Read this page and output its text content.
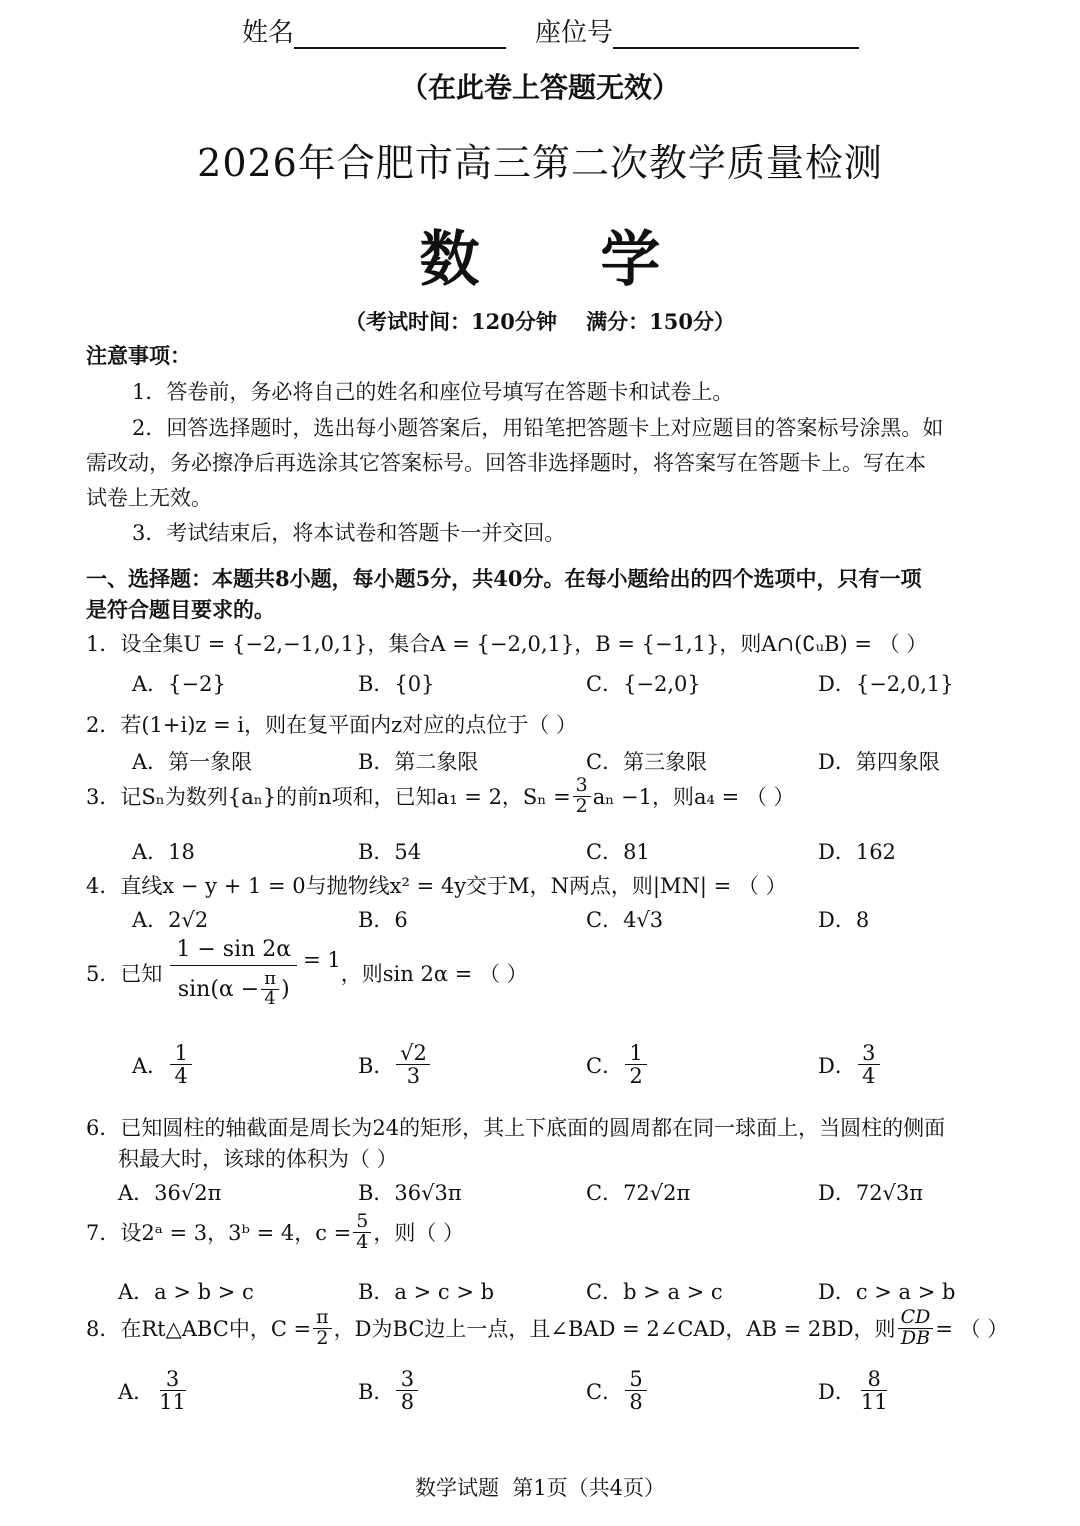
姓名	座位号
（在此卷上答题无效）
2026年合肥市高三第二次教学质量检测
数 学
（考试时间：120分钟    满分：150分）
注意事项：
1．答卷前，务必将自己的姓名和座位号填写在答题卡和试卷上。
2．回答选择题时，选出每小题答案后，用铅笔把答题卡上对应题目的答案标号涂黑。如
需改动，务必擦净后再选涂其它答案标号。回答非选择题时，将答案写在答题卡上。写在本
试卷上无效。
3．考试结束后，将本试卷和答题卡一并交回。
一、选择题：本题共8小题，每小题5分，共40分。在每小题给出的四个选项中，只有一项
是符合题目要求的。
1．设全集U = {−2,−1,0,1}，集合A = {−2,0,1}，B = {−1,1}，则A∩(∁ᵤB) = （ ）
A．{−2}	B．{0}	C．{−2,0}	D．{−2,0,1}
2．若(1+i)z = i，则在复平面内z对应的点位于（ ）
A．第一象限	B．第二象限	C．第三象限	D．第四象限
3．记Sₙ为数列{aₙ}的前n项和，已知a₁ = 2，$S_n = \frac{3}{2}$ aₙ −1，则a₄ = （ ）
A．18	B．54	C．81	D．162
4．直线x − y + 1 = 0与抛物线x² = 4y交于M，N两点，则|MN| = （ ）
A．2√2	B．6	C．4√3	D．8
5．已知 $\frac{1 - \sin 2\alpha}{\sin(\alpha - \frac{\pi}{4} )} = 1$
，则sin 2α = （ ）
A． $\frac{1}{4}$	B． $\frac{√2}{3}$	C． $\frac{1}{2}$	D． $\frac{3}{4}$
6．已知圆柱的轴截面是周长为24的矩形，其上下底面的圆周都在同一球面上，当圆柱的侧面
积最大时，该球的体积为（ ）
A．36√2π	B．36√3π	C．72√2π	D．72√3π
7．设2ᵃ = 3，3ᵇ = 4，$c = \frac{5}{4}$ ，则（ ）
A．a > b > c	B．a > c > b	C．b > a > c	D．c > a > b
8．在Rt△ABC中，$C = \frac{\pi}{2}$ ，D为BC边上一点，且∠BAD = 2∠CAD，AB = 2BD，则 $\frac{CD}{DB}$ = （ ）
A． $\frac{3}{11}$	B． $\frac{3}{8}$	C． $\frac{5}{8}$	D． $\frac{8}{11}$
数学试题  第1页（共4页）
